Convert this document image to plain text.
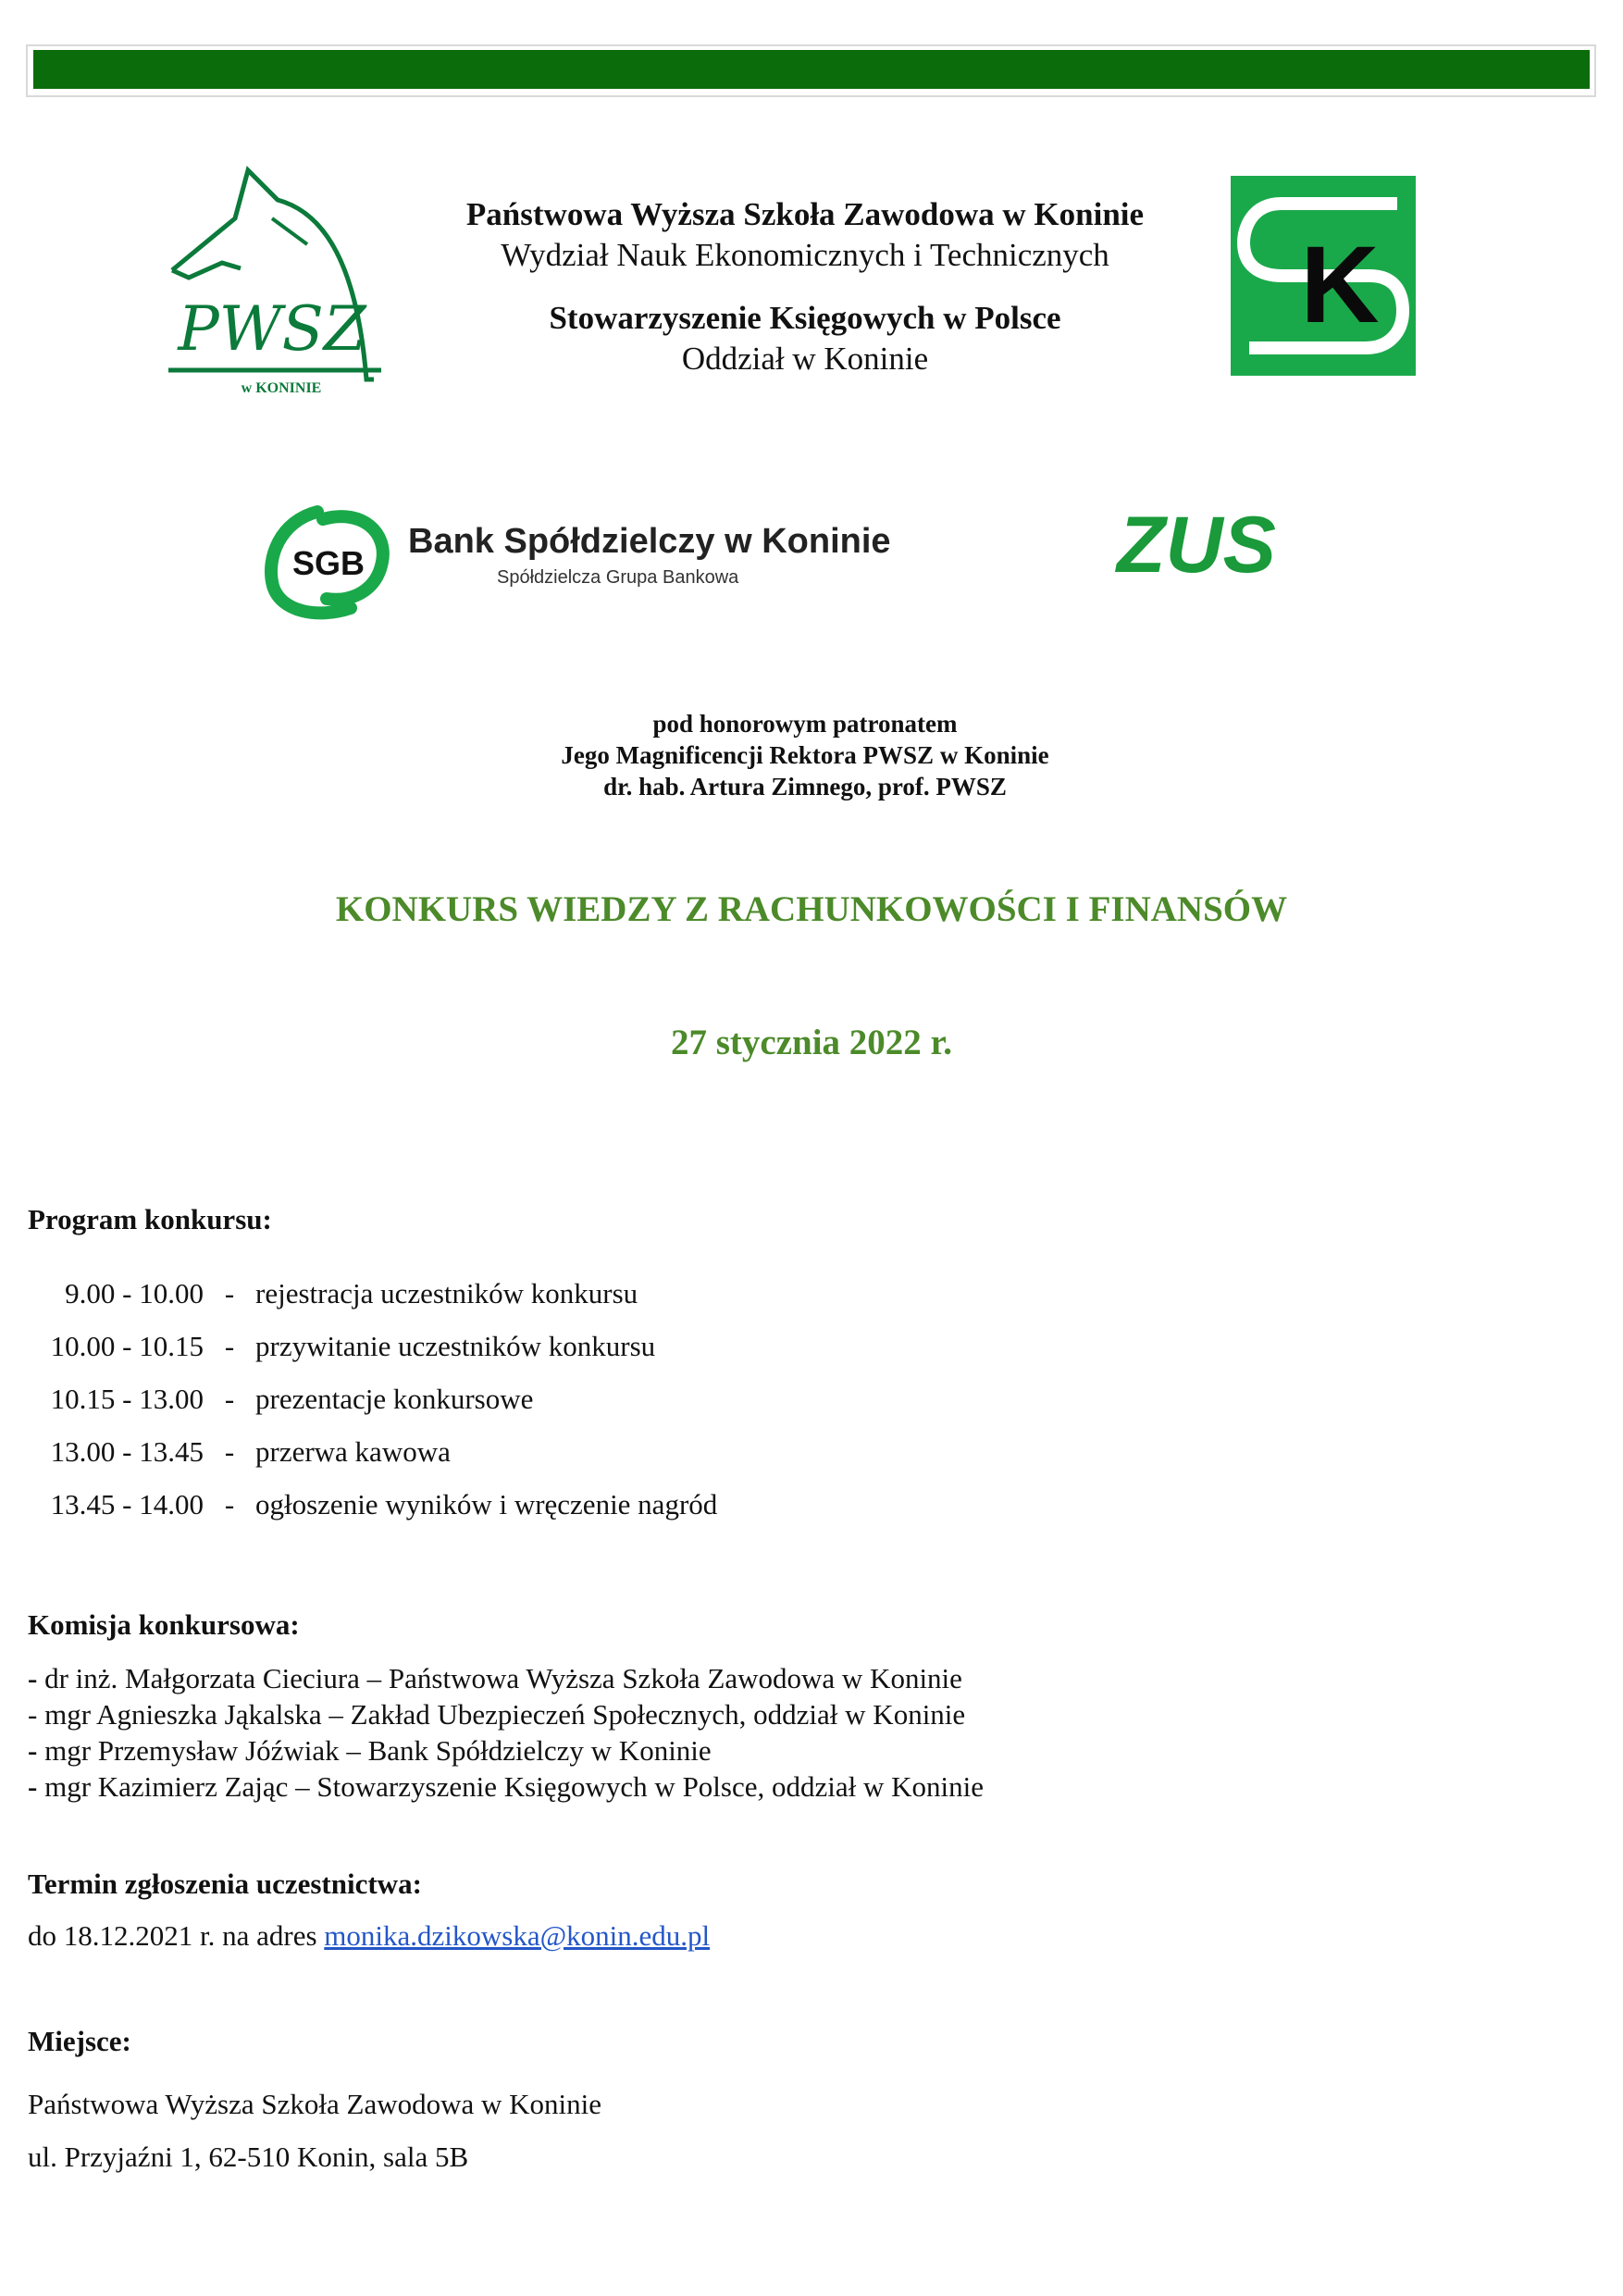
PWSZ
w KONINIE
K
SGB
Bank Spółdzielczy w Koninie
Spółdzielcza Grupa Bankowa	ZUS
Państwowa Wyższa Szkoła Zawodowa w Koninie
Wydział Nauk Ekonomicznych i Technicznych
Stowarzyszenie Księgowych w Polsce
Oddział w Koninie
pod honorowym patronatem
Jego Magnificencji Rektora PWSZ w Koninie
dr. hab. Artura Zimnego, prof. PWSZ
KONKURS WIEDZY Z RACHUNKOWOŚCI I FINANSÓW
27 stycznia 2022 r.
Program konkursu:
9.00 - 10.00 - rejestracja uczestników konkursu
10.00 - 10.15 - przywitanie uczestników konkursu
10.15 - 13.00 - prezentacje konkursowe
13.00 - 13.45 - przerwa kawowa
13.45 - 14.00 - ogłoszenie wyników i wręczenie nagród
Komisja konkursowa:
- dr inż. Małgorzata Cieciura – Państwowa Wyższa Szkoła Zawodowa w Koninie
- mgr Agnieszka Jąkalska – Zakład Ubezpieczeń Społecznych, oddział w Koninie
- mgr Przemysław Jóźwiak – Bank Spółdzielczy w Koninie
- mgr Kazimierz Zając – Stowarzyszenie Księgowych w Polsce, oddział w Koninie
Termin zgłoszenia uczestnictwa:
do 18.12.2021 r. na adres monika.dzikowska@konin.edu.pl
Miejsce:
Państwowa Wyższa Szkoła Zawodowa w Koninie
ul. Przyjaźni 1, 62-510 Konin, sala 5B
